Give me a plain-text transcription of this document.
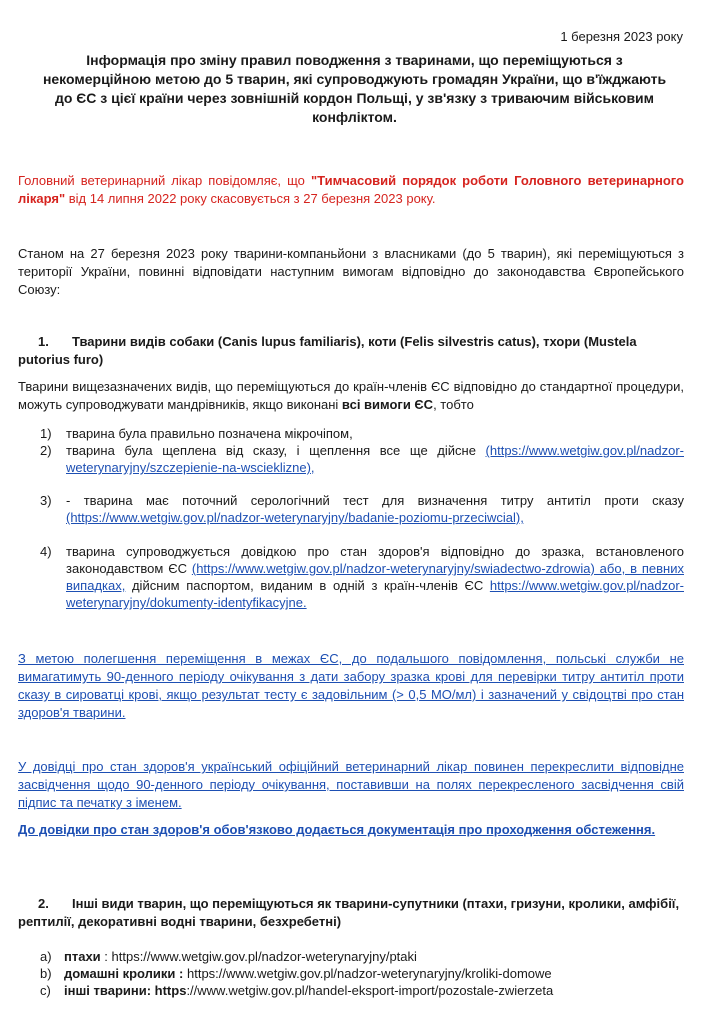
1 березня 2023 року
Інформація про зміну правил поводження з тваринами, що переміщуються з некомерційною метою до 5 тварин, які супроводжують громадян України, що в'їжджають до ЄС з цієї країни через зовнішній кордон Польщі, у зв'язку з триваючим військовим конфліктом.
Головний ветеринарний лікар повідомляє, що "Тимчасовий порядок роботи Головного ветеринарного лікаря" від 14 липня 2022 року скасовується з 27 березня 2023 року.
Станом на 27 березня 2023 року тварини-компаньйони з власниками (до 5 тварин), які переміщуються з території України, повинні відповідати наступним вимогам відповідно до законодавства Європейського Союзу:
1. Тварини видів собаки (Canis lupus familiaris), коти (Felis silvestris catus), тхори (Mustela putorius furo)
Тварини вищезазначених видів, що переміщуються до країн-членів ЄС відповідно до стандартної процедури, можуть супроводжувати мандрівників, якщо виконані всі вимоги ЄС, тобто
1) тварина була правильно позначена мікрочіпом,
2) тварина була щеплена від сказу, і щеплення все ще дійсне (https://www.wetgiw.gov.pl/nadzor-weterynaryjny/szczepienie-na-wscieklizne),
3) - тварина має поточний серологічний тест для визначення титру антитіл проти сказу (https://www.wetgiw.gov.pl/nadzor-weterynaryjny/badanie-poziomu-przeciwcial),
4) тварина супроводжується довідкою про стан здоров'я відповідно до зразка, встановленого законодавством ЄС (https://www.wetgiw.gov.pl/nadzor-weterynaryjny/swiadectwo-zdrowia) або, в певних випадках, дійсним паспортом, виданим в одній з країн-членів ЄС https://www.wetgiw.gov.pl/nadzor-weterynaryjny/dokumenty-identyfikacyjne.
З метою полегшення переміщення в межах ЄС, до подальшого повідомлення, польські служби не вимагатимуть 90-денного періоду очікування з дати забору зразка крові для перевірки титру антитіл проти сказу в сироватці крові, якщо результат тесту є задовільним (> 0,5 МО/мл) і зазначений у свідоцтві про стан здоров'я тварини.
У довідці про стан здоров'я український офіційний ветеринарний лікар повинен перекреслити відповідне засвідчення щодо 90-денного періоду очікування, поставивши на полях перекресленого засвідчення свій підпис та печатку з іменем.
До довідки про стан здоров'я обов'язково додається документація про проходження обстеження.
2. Інші види тварин, що переміщуються як тварини-супутники (птахи, гризуни, кролики, амфібії, рептилії, декоративні водні тварини, безхребетні)
a) птахи : https://www.wetgiw.gov.pl/nadzor-weterynaryjny/ptaki
b) домашні кролики : https://www.wetgiw.gov.pl/nadzor-weterynaryjny/kroliki-domowe
c) інші тварини: https://www.wetgiw.gov.pl/handel-eksport-import/pozostale-zwierzeta
